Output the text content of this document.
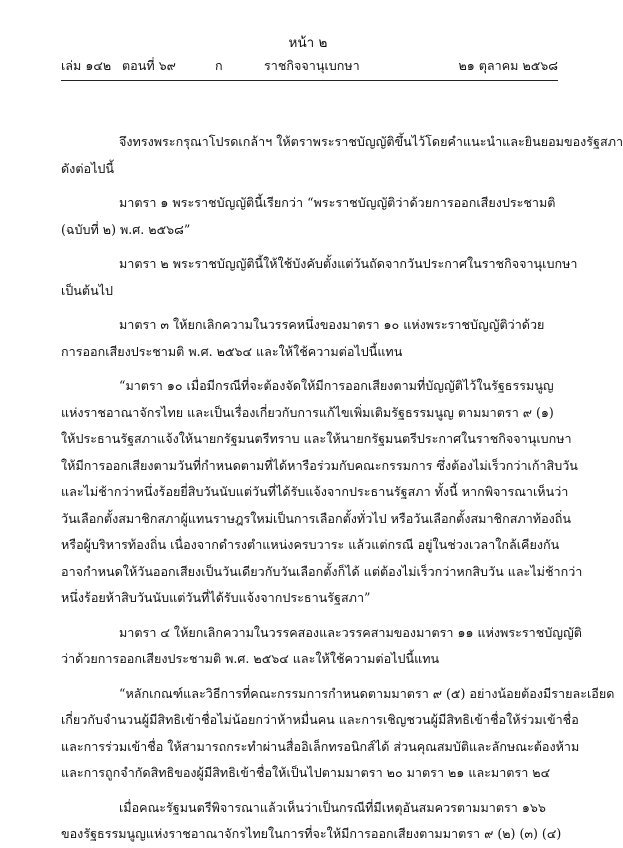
หน้า ๒
เล่ม ๑๔๒ ตอนที่ ๖๙	ก	ราชกิจจานุเบกษา	๒๑ ตุลาคม ๒๕๖๘

จึงทรงพระกรุณาโปรดเกล้าฯ ให้ตราพระราชบัญญัติขึ้นไว้โดยคำแนะนำและยินยอมของรัฐสภา
ดังต่อไปนี้

มาตรา ๑ พระราชบัญญัตินี้เรียกว่า “พระราชบัญญัติว่าด้วยการออกเสียงประชามติ
(ฉบับที่ ๒) พ.ศ. ๒๕๖๘”

มาตรา ๒ พระราชบัญญัตินี้ให้ใช้บังคับตั้งแต่วันถัดจากวันประกาศในราชกิจจานุเบกษา
เป็นต้นไป

มาตรา ๓ ให้ยกเลิกความในวรรคหนึ่งของมาตรา ๑๐ แห่งพระราชบัญญัติว่าด้วย
การออกเสียงประชามติ พ.ศ. ๒๕๖๔ และให้ใช้ความต่อไปนี้แทน

“มาตรา ๑๐ เมื่อมีกรณีที่จะต้องจัดให้มีการออกเสียงตามที่บัญญัติไว้ในรัฐธรรมนูญ
แห่งราชอาณาจักรไทย และเป็นเรื่องเกี่ยวกับการแก้ไขเพิ่มเติมรัฐธรรมนูญ ตามมาตรา ๙ (๑)
ให้ประธานรัฐสภาแจ้งให้นายกรัฐมนตรีทราบ และให้นายกรัฐมนตรีประกาศในราชกิจจานุเบกษา
ให้มีการออกเสียงตามวันที่กำหนดตามที่ได้หารือร่วมกับคณะกรรมการ ซึ่งต้องไม่เร็วกว่าเก้าสิบวัน
และไม่ช้ากว่าหนึ่งร้อยยี่สิบวันนับแต่วันที่ได้รับแจ้งจากประธานรัฐสภา ทั้งนี้ หากพิจารณาเห็นว่า
วันเลือกตั้งสมาชิกสภาผู้แทนราษฎรใหม่เป็นการเลือกตั้งทั่วไป หรือวันเลือกตั้งสมาชิกสภาท้องถิ่น
หรือผู้บริหารท้องถิ่น เนื่องจากดำรงตำแหน่งครบวาระ แล้วแต่กรณี อยู่ในช่วงเวลาใกล้เคียงกัน
อาจกำหนดให้วันออกเสียงเป็นวันเดียวกับวันเลือกตั้งก็ได้ แต่ต้องไม่เร็วกว่าหกสิบวัน และไม่ช้ากว่า
หนึ่งร้อยห้าสิบวันนับแต่วันที่ได้รับแจ้งจากประธานรัฐสภา”

มาตรา ๔ ให้ยกเลิกความในวรรคสองและวรรคสามของมาตรา ๑๑ แห่งพระราชบัญญัติ
ว่าด้วยการออกเสียงประชามติ พ.ศ. ๒๕๖๔ และให้ใช้ความต่อไปนี้แทน

“หลักเกณฑ์และวิธีการที่คณะกรรมการกำหนดตามมาตรา ๙ (๕) อย่างน้อยต้องมีรายละเอียด
เกี่ยวกับจำนวนผู้มีสิทธิเข้าชื่อไม่น้อยกว่าห้าหมื่นคน และการเชิญชวนผู้มีสิทธิเข้าชื่อให้ร่วมเข้าชื่อ
และการร่วมเข้าชื่อ ให้สามารถกระทำผ่านสื่ออิเล็กทรอนิกส์ได้ ส่วนคุณสมบัติและลักษณะต้องห้าม
และการถูกจำกัดสิทธิของผู้มีสิทธิเข้าชื่อให้เป็นไปตามมาตรา ๒๐ มาตรา ๒๑ และมาตรา ๒๔

เมื่อคณะรัฐมนตรีพิจารณาแล้วเห็นว่าเป็นกรณีที่มีเหตุอันสมควรตามมาตรา ๑๖๖
ของรัฐธรรมนูญแห่งราชอาณาจักรไทยในการที่จะให้มีการออกเสียงตามมาตรา ๙ (๒) (๓) (๔)
